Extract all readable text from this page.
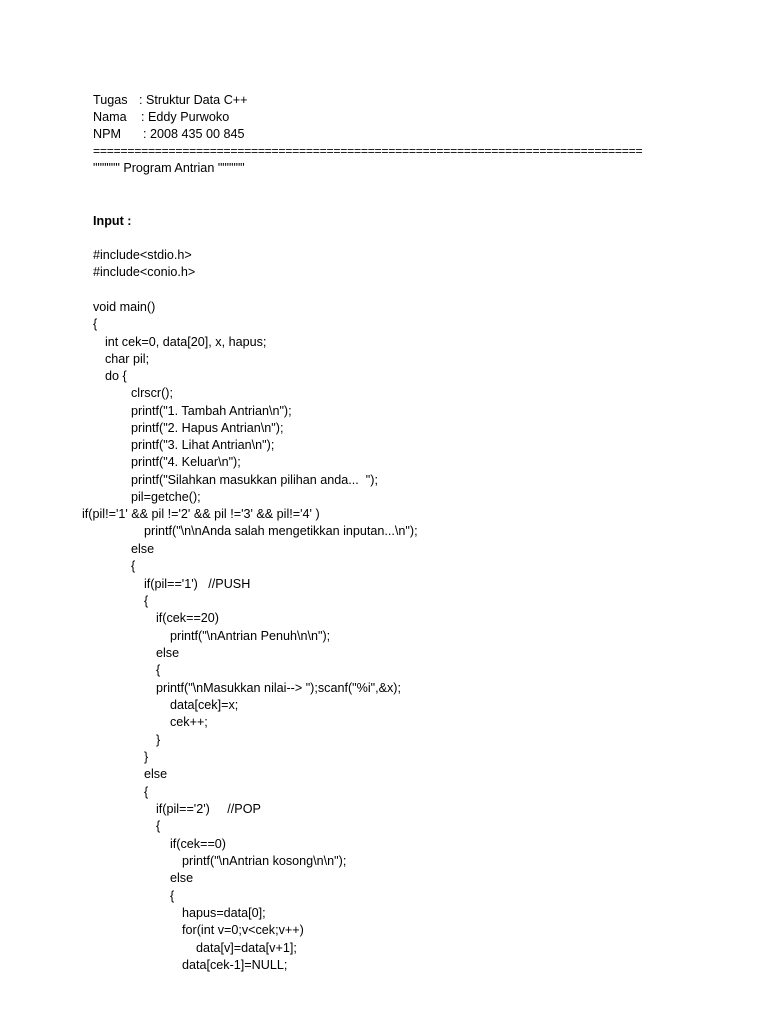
Tugas : Struktur Data C++
Nama : Eddy Purwoko
NPM : 2008 435 00 845
================================================================================
"""""" Program Antrian """"""
Input :
#include<stdio.h>
#include<conio.h>
void main()
{
int cek=0, data[20], x, hapus;
char pil;
do {
clrscr();
printf("1. Tambah Antrian\n");
printf("2. Hapus Antrian\n");
printf("3. Lihat Antrian\n");
printf("4. Keluar\n");
printf("Silahkan masukkan pilihan anda...  ");
pil=getche();
if(pil!='1' && pil !='2' && pil !='3' && pil!='4' )
printf("\n\nAnda salah mengetikkan inputan...\n");
else
{
if(pil=='1')   //PUSH
{
if(cek==20)
printf("\nAntrian Penuh\n\n");
else
{
printf("\nMasukkan nilai--> ");scanf("%i",&x);
data[cek]=x;
cek++;
}
}
else
{
if(pil=='2')     //POP
{
if(cek==0)
printf("\nAntrian kosong\n\n");
else
{
hapus=data[0];
for(int v=0;v<cek;v++)
data[v]=data[v+1];
data[cek-1]=NULL;
